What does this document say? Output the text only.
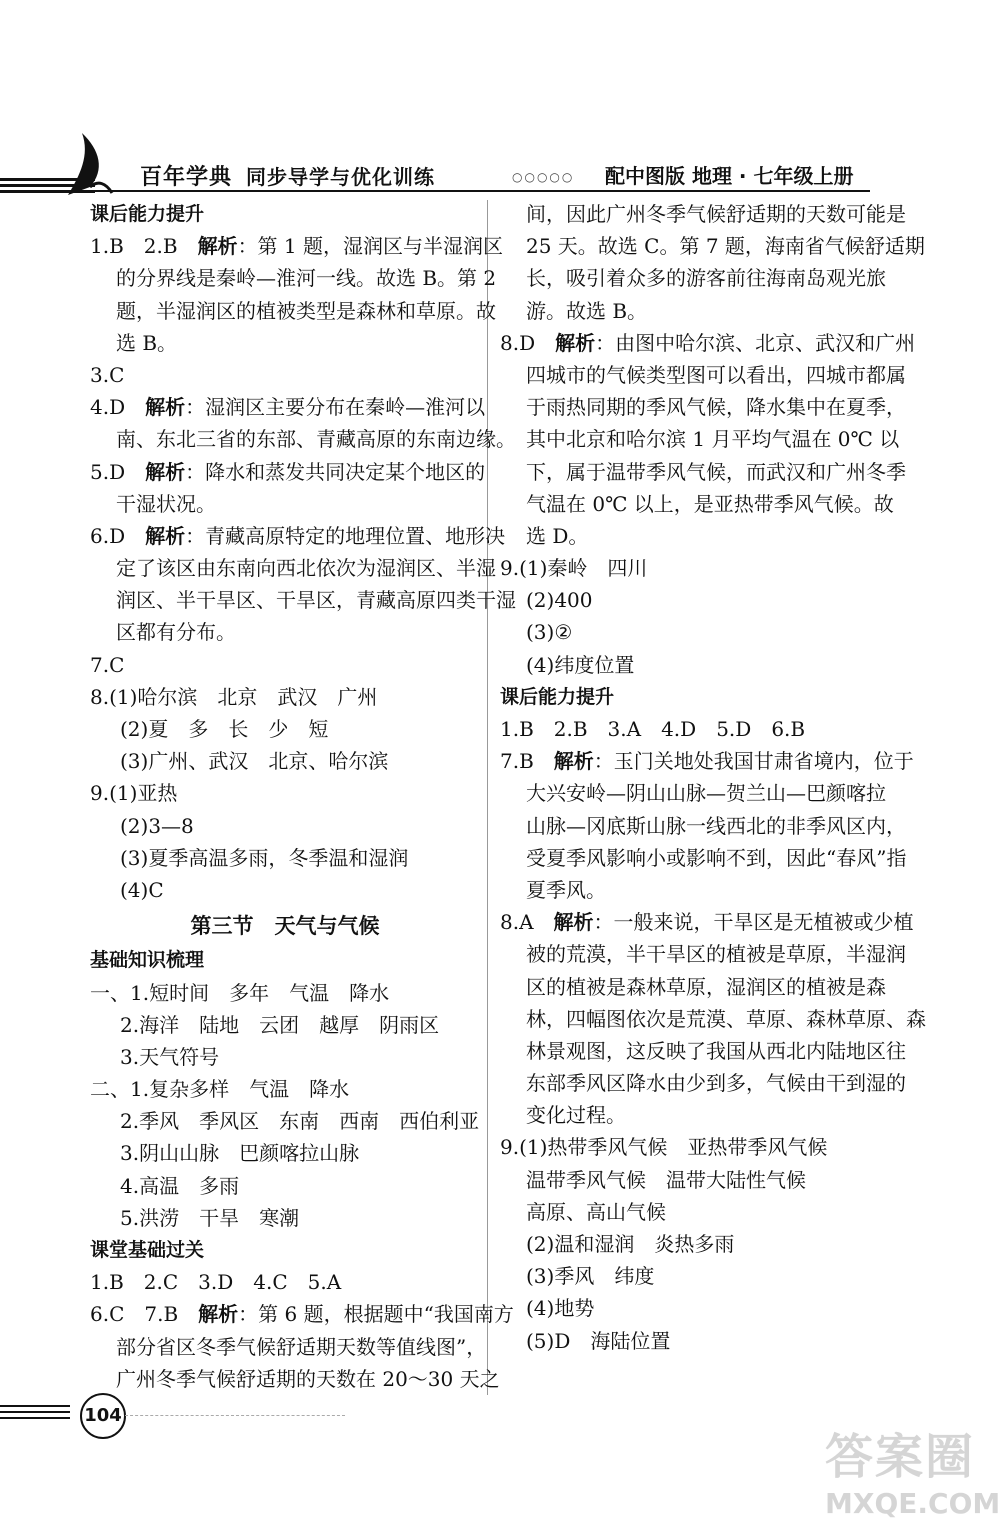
百年学典 同步导学与优化训练	○○○○○ 配中图版 地理 · 七年级上册
课后能力提升
1.B　2.B　解析：第 1 题，湿润区与半湿润区
的分界线是秦岭—淮河一线。故选 B。第 2
题，半湿润区的植被类型是森林和草原。故
选 B。
3.C
4.D　解析：湿润区主要分布在秦岭—淮河以
南、东北三省的东部、青藏高原的东南边缘。
5.D　解析：降水和蒸发共同决定某个地区的
干湿状况。
6.D　解析：青藏高原特定的地理位置、地形决
定了该区由东南向西北依次为湿润区、半湿
润区、半干旱区、干旱区，青藏高原四类干湿
区都有分布。
7.C
8.(1)哈尔滨　北京　武汉　广州
(2)夏　多　长　少　短
(3)广州、武汉　北京、哈尔滨
9.(1)亚热
(2)3—8
(3)夏季高温多雨，冬季温和湿润
(4)C
第三节　天气与气候
基础知识梳理
一、1.短时间　多年　气温　降水
2.海洋　陆地　云团　越厚　阴雨区
3.天气符号
二、1.复杂多样　气温　降水
2.季风　季风区　东南　西南　西伯利亚
3.阴山山脉　巴颜喀拉山脉
4.高温　多雨
5.洪涝　干旱　寒潮
课堂基础过关
1.B　2.C　3.D　4.C　5.A
6.C　7.B　解析：第 6 题，根据题中“我国南方
部分省区冬季气候舒适期天数等值线图”，
广州冬季气候舒适期的天数在 20～30 天之
间，因此广州冬季气候舒适期的天数可能是
25 天。故选 C。第 7 题，海南省气候舒适期
长，吸引着众多的游客前往海南岛观光旅
游。故选 B。
8.D　解析：由图中哈尔滨、北京、武汉和广州
四城市的气候类型图可以看出，四城市都属
于雨热同期的季风气候，降水集中在夏季，
其中北京和哈尔滨 1 月平均气温在 0℃ 以
下，属于温带季风气候，而武汉和广州冬季
气温在 0℃ 以上，是亚热带季风气候。故
选 D。
9.(1)秦岭　四川
(2)400
(3)②
(4)纬度位置
课后能力提升
1.B　2.B　3.A　4.D　5.D　6.B
7.B　解析：玉门关地处我国甘肃省境内，位于
大兴安岭—阴山山脉—贺兰山—巴颜喀拉
山脉—冈底斯山脉一线西北的非季风区内，
受夏季风影响小或影响不到，因此“春风”指
夏季风。
8.A　解析：一般来说，干旱区是无植被或少植
被的荒漠，半干旱区的植被是草原，半湿润
区的植被是森林草原，湿润区的植被是森
林，四幅图依次是荒漠、草原、森林草原、森
林景观图，这反映了我国从西北内陆地区往
东部季风区降水由少到多，气候由干到湿的
变化过程。
9.(1)热带季风气候　亚热带季风气候
温带季风气候　温带大陆性气候
高原、高山气候
(2)温和湿润　炎热多雨
(3)季风　纬度
(4)地势
(5)D　海陆位置
104
答案圈
MXQE.COM
